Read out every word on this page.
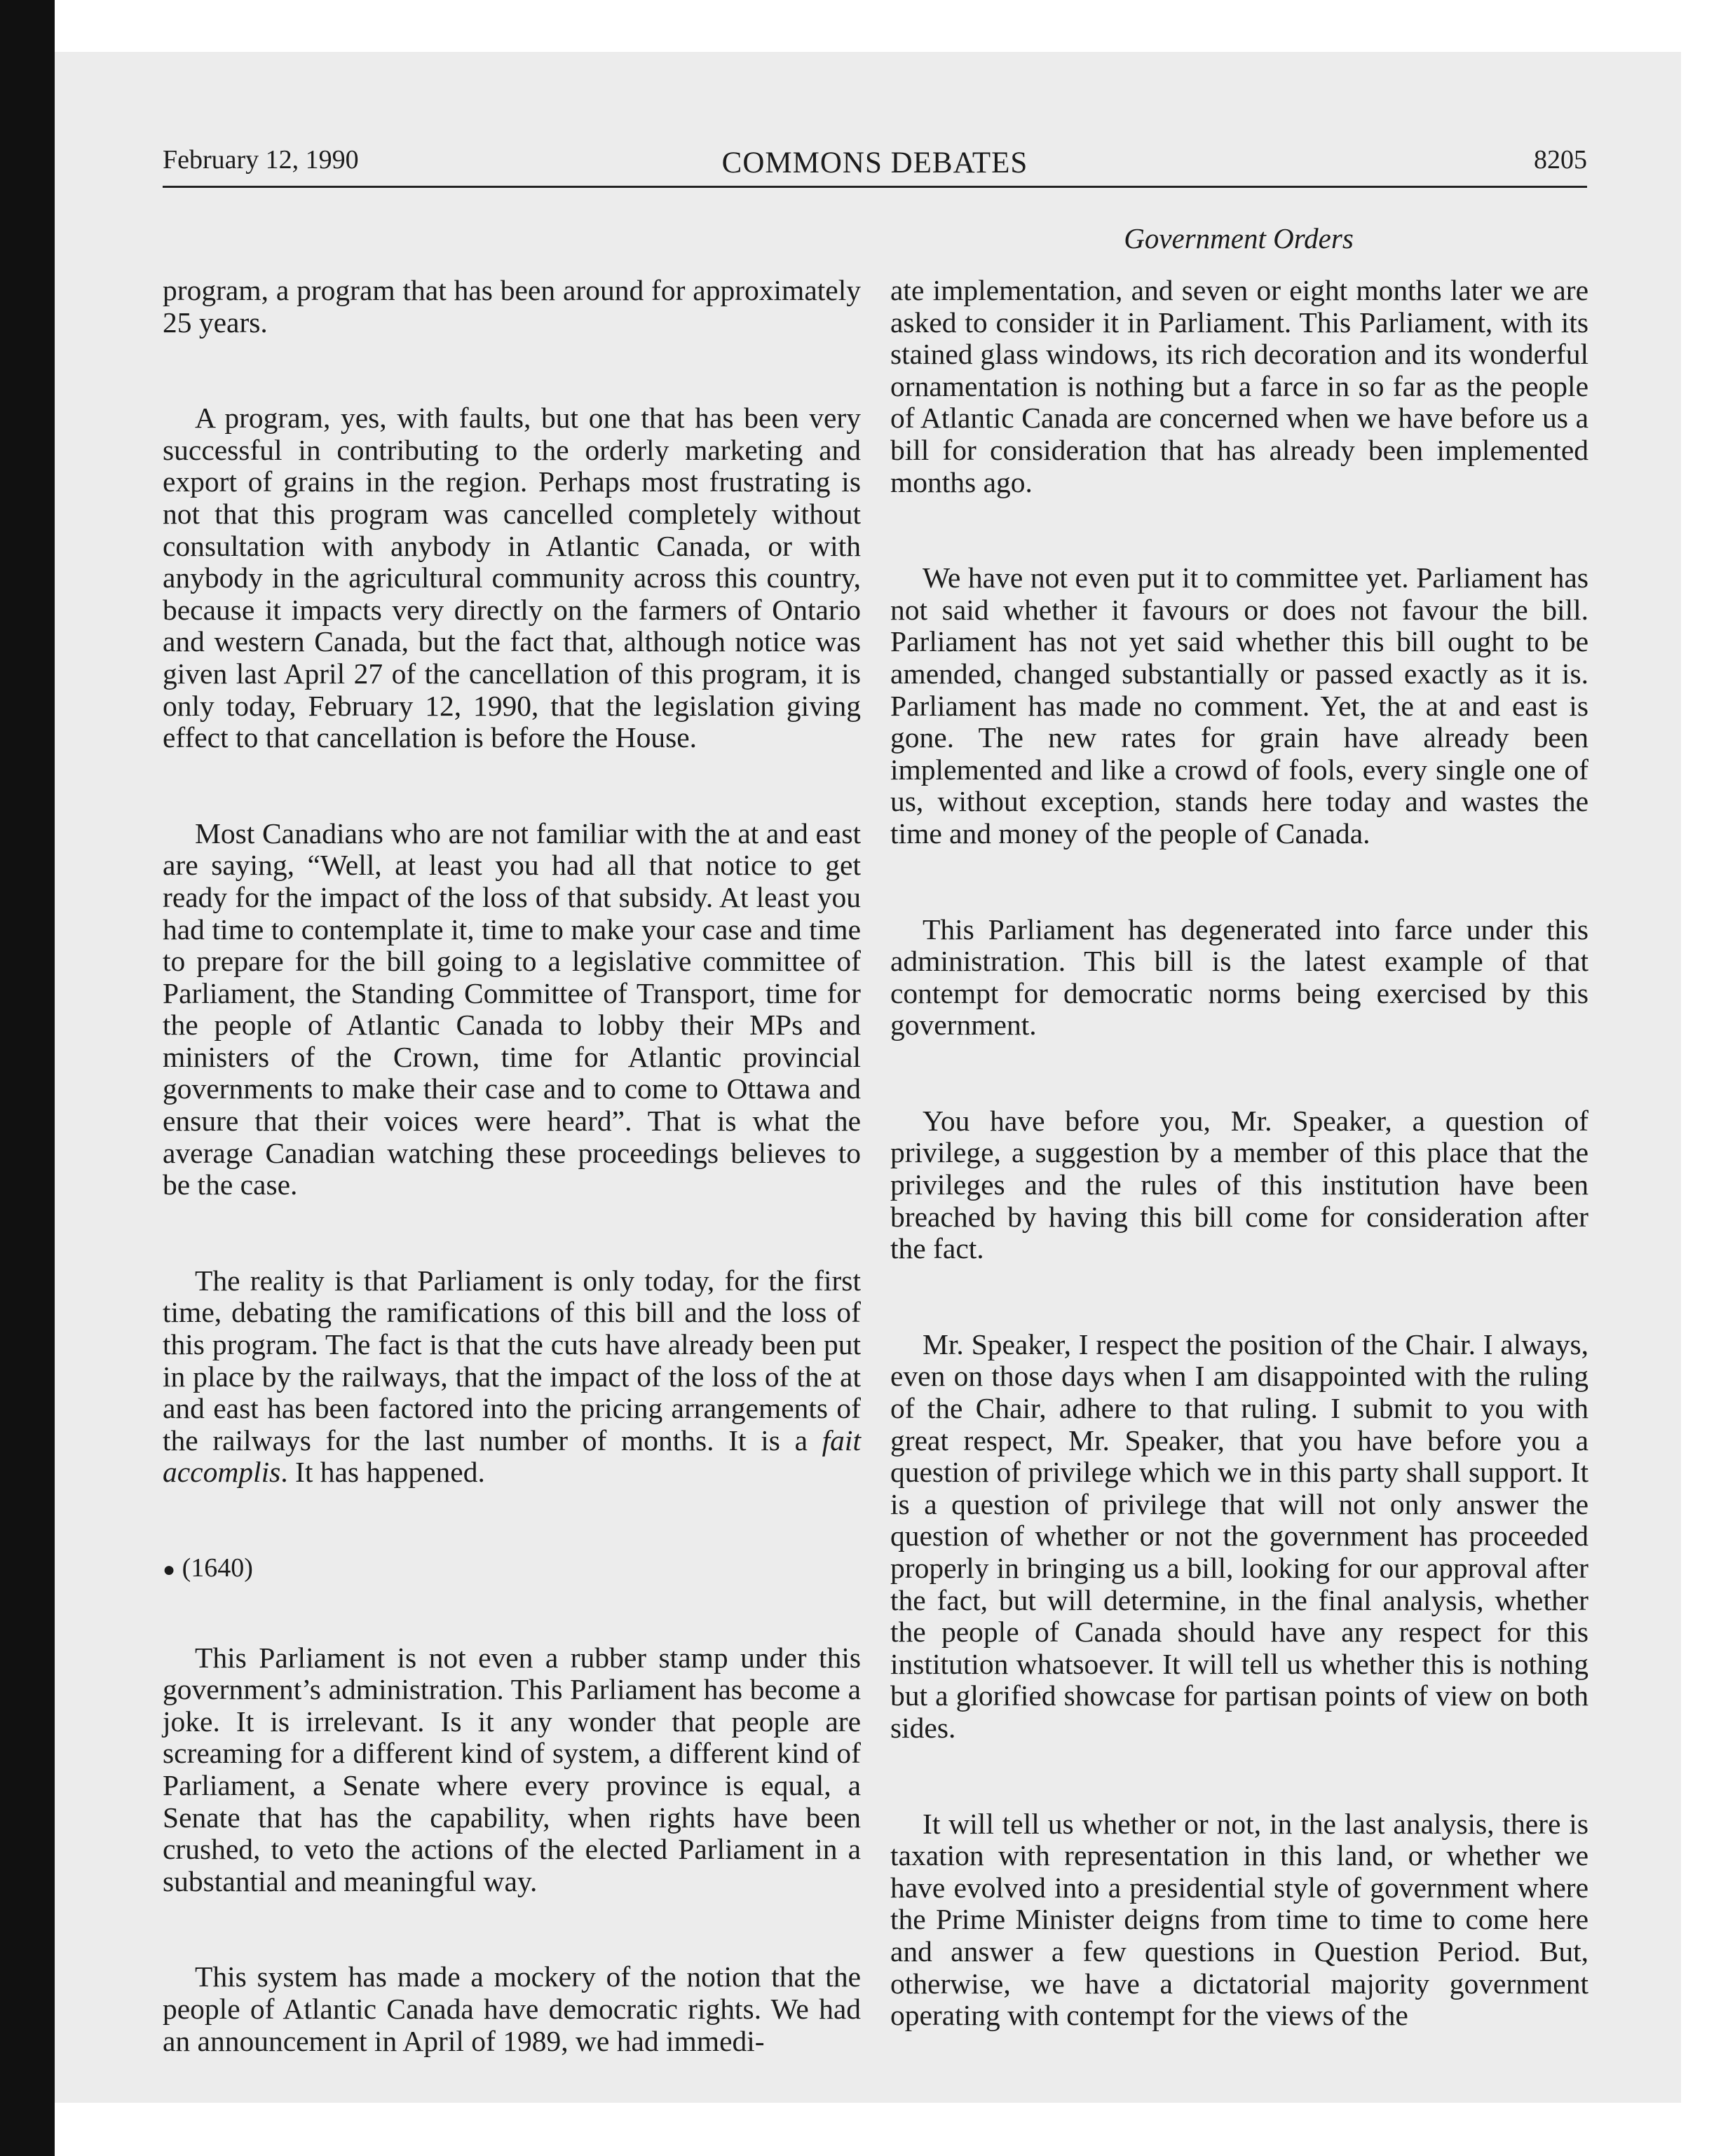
February 12, 1990	COMMONS DEBATES	8205
Government Orders

program, a program that has been around for approximately 25 years.

A program, yes, with faults, but one that has been very successful in contributing to the orderly marketing and export of grains in the region. Perhaps most frustrating is not that this program was cancelled completely without consultation with anybody in Atlantic Canada, or with anybody in the agricultural community across this country, because it impacts very directly on the farmers of Ontario and western Canada, but the fact that, although notice was given last April 27 of the cancellation of this program, it is only today, February 12, 1990, that the legislation giving effect to that cancellation is before the House.

Most Canadians who are not familiar with the at and east are saying, “Well, at least you had all that notice to get ready for the impact of the loss of that subsidy. At least you had time to contemplate it, time to make your case and time to prepare for the bill going to a legislative committee of Parliament, the Standing Committee of Transport, time for the people of Atlantic Canada to lobby their MPs and ministers of the Crown, time for Atlantic provincial governments to make their case and to come to Ottawa and ensure that their voices were heard”. That is what the average Canadian watching these proceedings believes to be the case.

The reality is that Parliament is only today, for the first time, debating the ramifications of this bill and the loss of this program. The fact is that the cuts have already been put in place by the railways, that the impact of the loss of the at and east has been factored into the pricing arrangements of the railways for the last number of months. It is a fait accomplis. It has happened.

● (1640)

This Parliament is not even a rubber stamp under this government’s administration. This Parliament has become a joke. It is irrelevant. Is it any wonder that people are screaming for a different kind of system, a different kind of Parliament, a Senate where every province is equal, a Senate that has the capability, when rights have been crushed, to veto the actions of the elected Parliament in a substantial and meaningful way.

This system has made a mockery of the notion that the people of Atlantic Canada have democratic rights. We had an announcement in April of 1989, we had immedi-

ate implementation, and seven or eight months later we are asked to consider it in Parliament. This Parliament, with its stained glass windows, its rich decoration and its wonderful ornamentation is nothing but a farce in so far as the people of Atlantic Canada are concerned when we have before us a bill for consideration that has already been implemented months ago.

We have not even put it to committee yet. Parliament has not said whether it favours or does not favour the bill. Parliament has not yet said whether this bill ought to be amended, changed substantially or passed exactly as it is. Parliament has made no comment. Yet, the at and east is gone. The new rates for grain have already been implemented and like a crowd of fools, every single one of us, without exception, stands here today and wastes the time and money of the people of Canada.

This Parliament has degenerated into farce under this administration. This bill is the latest example of that contempt for democratic norms being exercised by this government.

You have before you, Mr. Speaker, a question of privilege, a suggestion by a member of this place that the privileges and the rules of this institution have been breached by having this bill come for consideration after the fact.

Mr. Speaker, I respect the position of the Chair. I always, even on those days when I am disappointed with the ruling of the Chair, adhere to that ruling. I submit to you with great respect, Mr. Speaker, that you have before you a question of privilege which we in this party shall support. It is a question of privilege that will not only answer the question of whether or not the government has proceeded properly in bringing us a bill, looking for our approval after the fact, but will determine, in the final analysis, whether the people of Canada should have any respect for this institution whatsoever. It will tell us whether this is nothing but a glorified showcase for partisan points of view on both sides.

It will tell us whether or not, in the last analysis, there is taxation with representation in this land, or whether we have evolved into a presidential style of government where the Prime Minister deigns from time to time to come here and answer a few questions in Question Period. But, otherwise, we have a dictatorial majority government operating with contempt for the views of the
